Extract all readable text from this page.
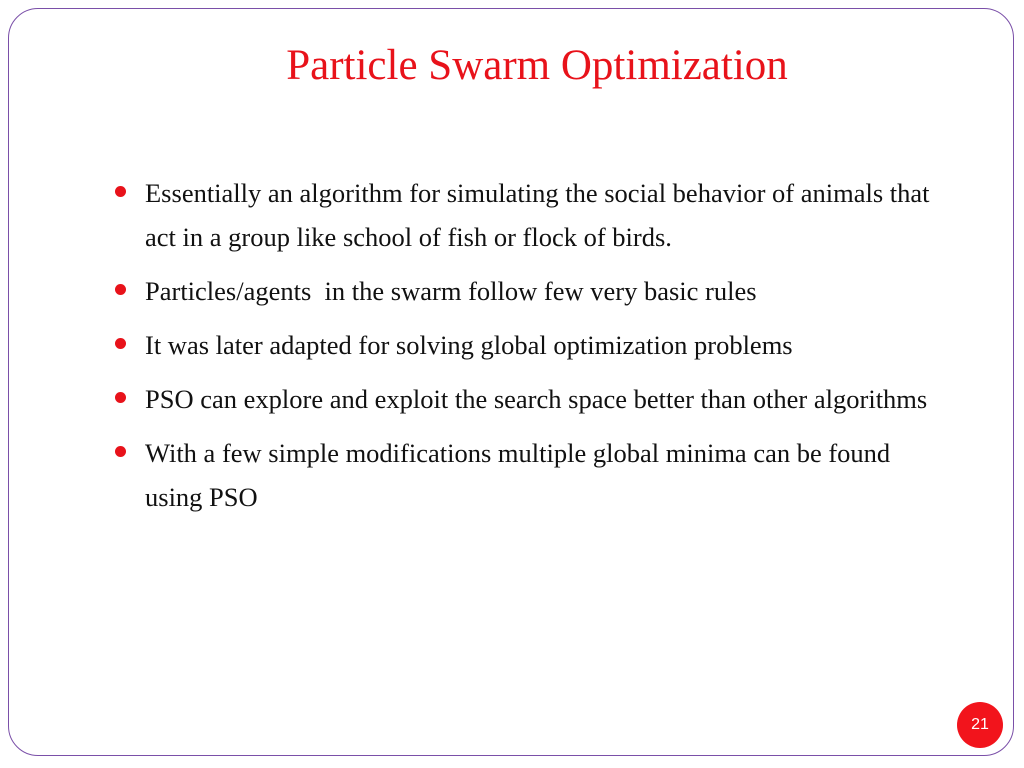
Particle Swarm Optimization
Essentially an algorithm for simulating the social behavior of animals that act in a group like school of fish or flock of birds.
Particles/agents  in the swarm follow few very basic rules
It was later adapted for solving global optimization problems
PSO can explore and exploit the search space better than other algorithms
With a few simple modifications multiple global minima can be found using PSO
21
